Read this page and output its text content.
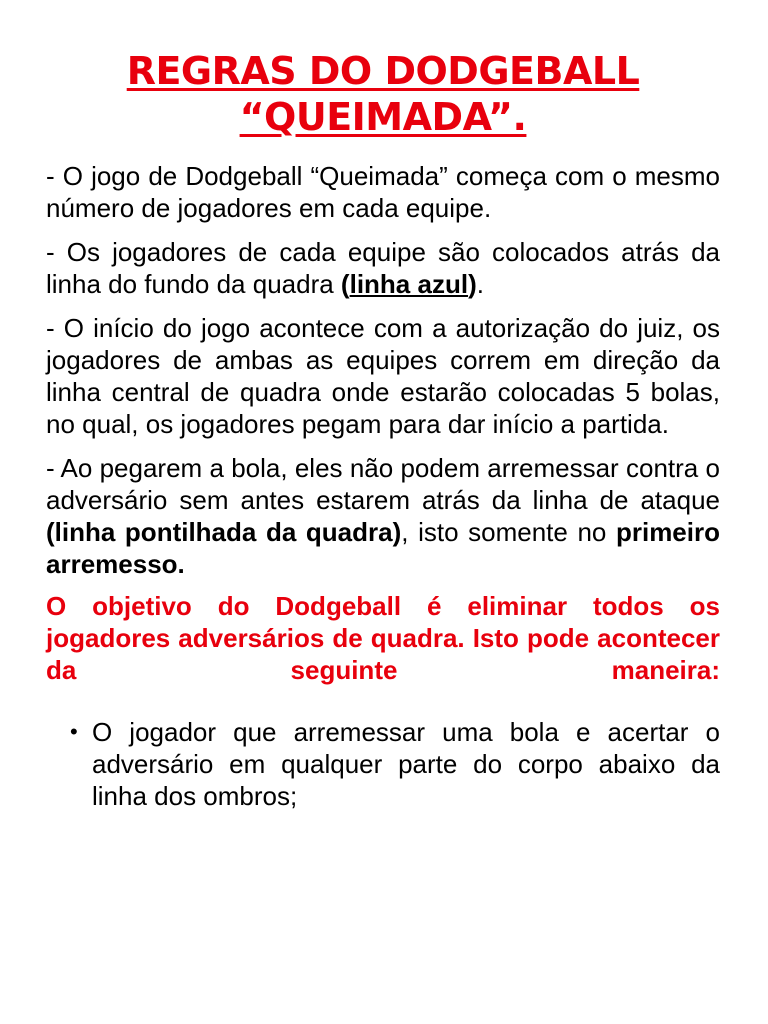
REGRAS DO DODGEBALL
“QUEIMADA”.

- O jogo de Dodgeball “Queimada” começa com o mesmo número de jogadores em cada equipe.

- Os jogadores de cada equipe são colocados atrás da linha do fundo da quadra (linha azul).

- O início do jogo acontece com a autorização do juiz, os jogadores de ambas as equipes correm em direção da linha central de quadra onde estarão colocadas 5 bolas, no qual, os jogadores pegam para dar início a partida.

- Ao pegarem a bola, eles não podem arremessar contra o adversário sem antes estarem atrás da linha de ataque (linha pontilhada da quadra), isto somente no primeiro arremesso.

O objetivo do Dodgeball é eliminar todos os jogadores adversários de quadra. Isto pode acontecer da seguinte maneira:

• O jogador que arremessar uma bola e acertar o adversário em qualquer parte do corpo abaixo da linha dos ombros;
